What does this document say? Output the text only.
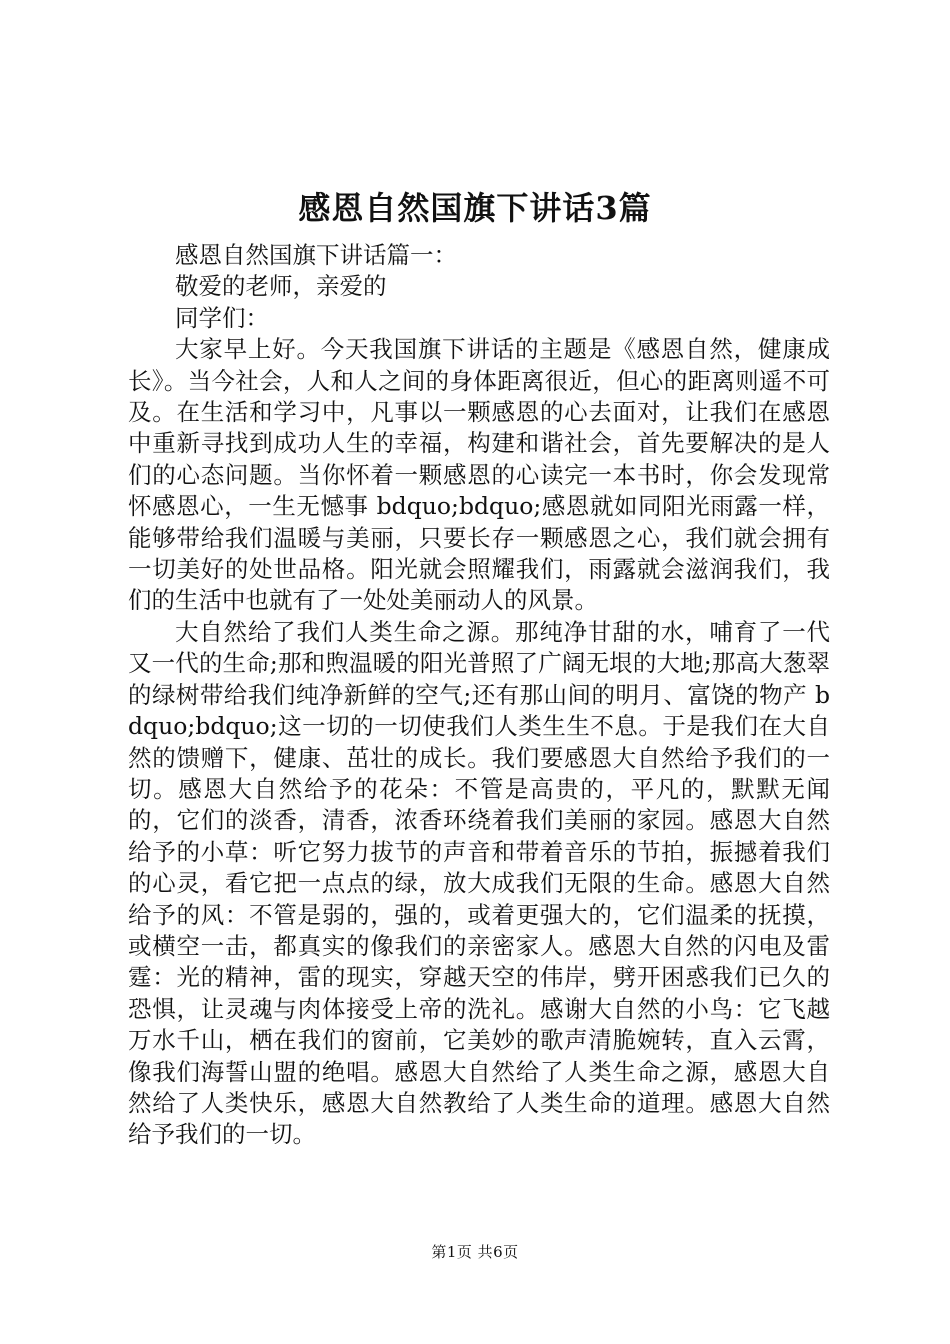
感恩自然国旗下讲话3篇

感恩自然国旗下讲话篇一：

敬爱的老师，亲爱的

同学们：

大家早上好。今天我国旗下讲话的主题是《感恩自然，健康成长》。当今社会，人和人之间的身体距离很近，但心的距离则遥不可及。在生活和学习中，凡事以一颗感恩的心去面对，让我们在感恩中重新寻找到成功人生的幸福，构建和谐社会，首先要解决的是人们的心态问题。当你怀着一颗感恩的心读完一本书时，你会发现常怀感恩心，一生无憾事 bdquo;bdquo;感恩就如同阳光雨露一样，能够带给我们温暖与美丽，只要长存一颗感恩之心，我们就会拥有一切美好的处世品格。阳光就会照耀我们，雨露就会滋润我们，我们的生活中也就有了一处处美丽动人的风景。

大自然给了我们人类生命之源。那纯净甘甜的水，哺育了一代又一代的生命;那和煦温暖的阳光普照了广阔无垠的大地;那高大葱翠的绿树带给我们纯净新鲜的空气;还有那山间的明月、富饶的物产 bdquo;bdquo;这一切的一切使我们人类生生不息。于是我们在大自然的馈赠下，健康、茁壮的成长。我们要感恩大自然给予我们的一切。感恩大自然给予的花朵：不管是高贵的，平凡的，默默无闻的，它们的淡香，清香，浓香环绕着我们美丽的家园。感恩大自然给予的小草：听它努力拔节的声音和带着音乐的节拍，振撼着我们的心灵，看它把一点点的绿，放大成我们无限的生命。感恩大自然给予的风：不管是弱的，强的，或着更强大的，它们温柔的抚摸，或横空一击，都真实的像我们的亲密家人。感恩大自然的闪电及雷霆：光的精神，雷的现实，穿越天空的伟岸，劈开困惑我们已久的恐惧，让灵魂与肉体接受上帝的洗礼。感谢大自然的小鸟：它飞越万水千山，栖在我们的窗前，它美妙的歌声清脆婉转，直入云霄，像我们海誓山盟的绝唱。感恩大自然给了人类生命之源，感恩大自然给了人类快乐，感恩大自然教给了人类生命的道理。感恩大自然给予我们的一切。

第1页 共6页
